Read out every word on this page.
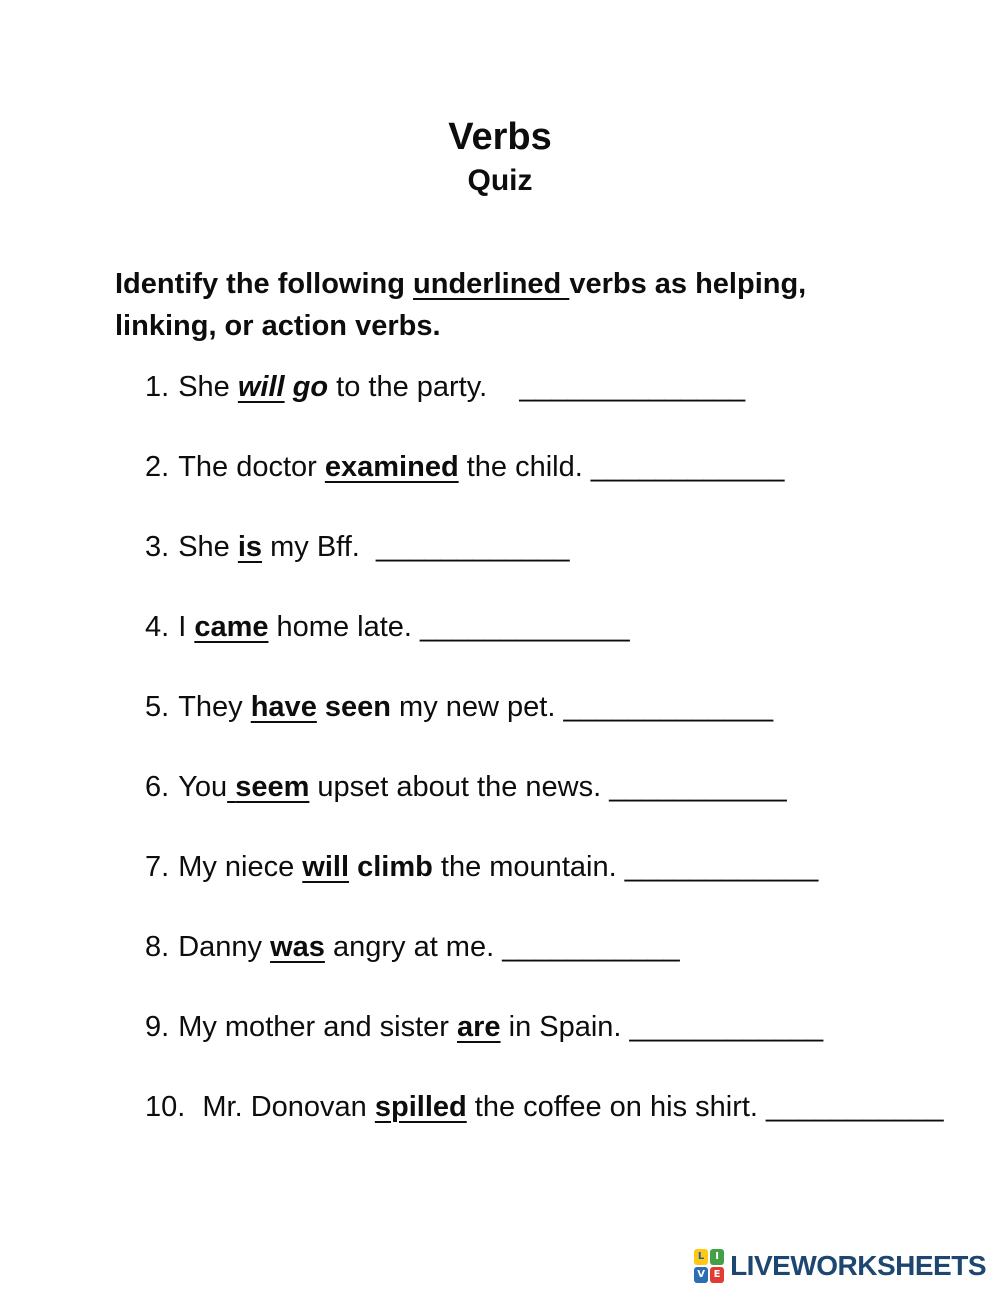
Verbs
Quiz

Identify the following underlined verbs as helping,
linking, or action verbs.

1. She will go to the party.    ______________
2. The doctor examined the child. ____________
3. She is my Bff.  ____________
4. I came home late. _____________
5. They have seen my new pet. _____________
6. You seem upset about the news. ___________
7. My niece will climb the mountain. ____________
8. Danny was angry at me. ___________
9. My mother and sister are in Spain. ____________
10. Mr. Donovan spilled the coffee on his shirt. ___________
L	I
V E LIVEWORKSHEETS
